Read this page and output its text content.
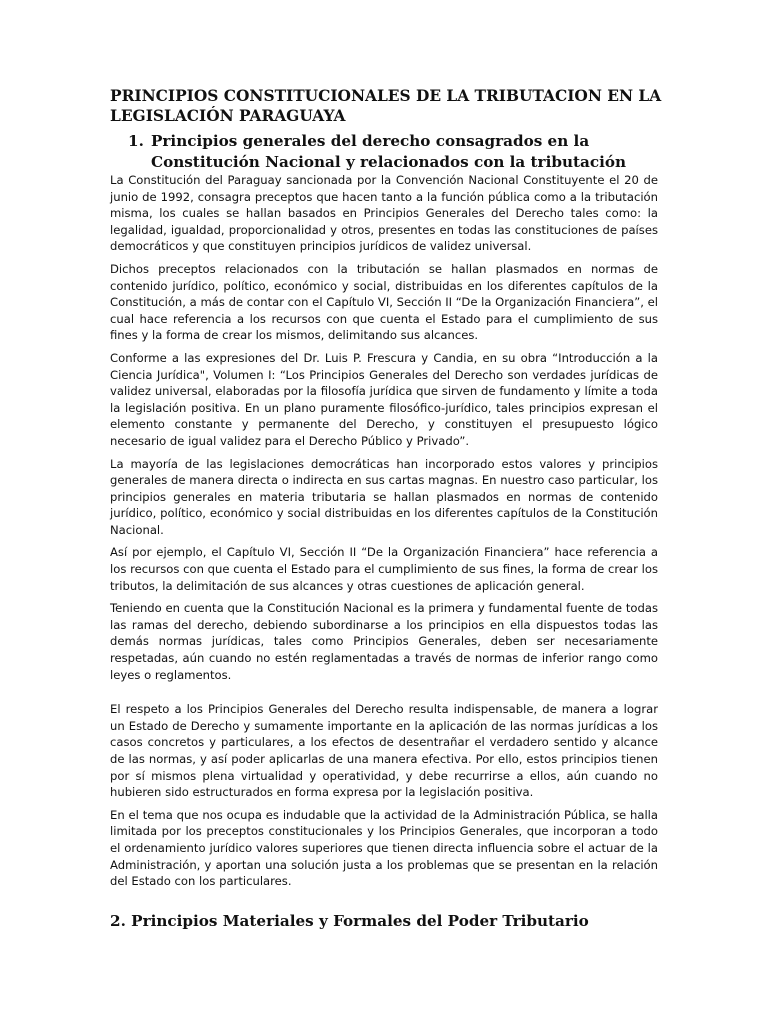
PRINCIPIOS CONSTITUCIONALES DE LA TRIBUTACION EN LA LEGISLACIÓN PARAGUAYA
1. Principios generales del derecho consagrados en la Constitución Nacional y relacionados con la tributación

La Constitución del Paraguay sancionada por la Convención Nacional Constituyente el 20 de junio de 1992, consagra preceptos que hacen tanto a la función pública como a la tributación misma, los cuales se hallan basados en Principios Generales del Derecho tales como: la legalidad, igualdad, proporcionalidad y otros, presentes en todas las constituciones de países democráticos y que constituyen principios jurídicos de validez universal.

Dichos preceptos relacionados con la tributación se hallan plasmados en normas de contenido jurídico, político, económico y social, distribuidas en los diferentes capítulos de la Constitución, a más de contar con el Capítulo VI, Sección II “De la Organización Financiera”, el cual hace referencia a los recursos con que cuenta el Estado para el cumplimiento de sus fines y la forma de crear los mismos, delimitando sus alcances.

Conforme a las expresiones del Dr. Luis P. Frescura y Candia, en su obra “Introducción a la Ciencia Jurídica", Volumen I: “Los Principios Generales del Derecho son verdades jurídicas de validez universal, elaboradas por la filosofía jurídica que sirven de fundamento y límite a toda la legislación positiva. En un plano puramente filosófico-jurídico, tales principios expresan el elemento constante y permanente del Derecho, y constituyen el presupuesto lógico necesario de igual validez para el Derecho Público y Privado”.

La mayoría de las legislaciones democráticas han incorporado estos valores y principios generales de manera directa o indirecta en sus cartas magnas. En nuestro caso particular, los principios generales en materia tributaria se hallan plasmados en normas de contenido jurídico, político, económico y social distribuidas en los diferentes capítulos de la Constitución Nacional.

Así por ejemplo, el Capítulo VI, Sección II “De la Organización Financiera” hace referencia a los recursos con que cuenta el Estado para el cumplimiento de sus fines, la forma de crear los tributos, la delimitación de sus alcances y otras cuestiones de aplicación general.

Teniendo en cuenta que la Constitución Nacional es la primera y fundamental fuente de todas las ramas del derecho, debiendo subordinarse a los principios en ella dispuestos todas las demás normas jurídicas, tales como Principios Generales, deben ser necesariamente respetadas, aún cuando no estén reglamentadas a través de normas de inferior rango como leyes o reglamentos.

El respeto a los Principios Generales del Derecho resulta indispensable, de manera a lograr un Estado de Derecho y sumamente importante en la aplicación de las normas jurídicas a los casos concretos y particulares, a los efectos de desentrañar el verdadero sentido y alcance de las normas, y así poder aplicarlas de una manera efectiva. Por ello, estos principios tienen por sí mismos plena virtualidad y operatividad, y debe recurrirse a ellos, aún cuando no hubieren sido estructurados en forma expresa por la legislación positiva.

En el tema que nos ocupa es indudable que la actividad de la Administración Pública, se halla limitada por los preceptos constitucionales y los Principios Generales, que incorporan a todo el ordenamiento jurídico valores superiores que tienen directa influencia sobre el actuar de la Administración, y aportan una solución justa a los problemas que se presentan en la relación del Estado con los particulares.

2. Principios Materiales y Formales del Poder Tributario
